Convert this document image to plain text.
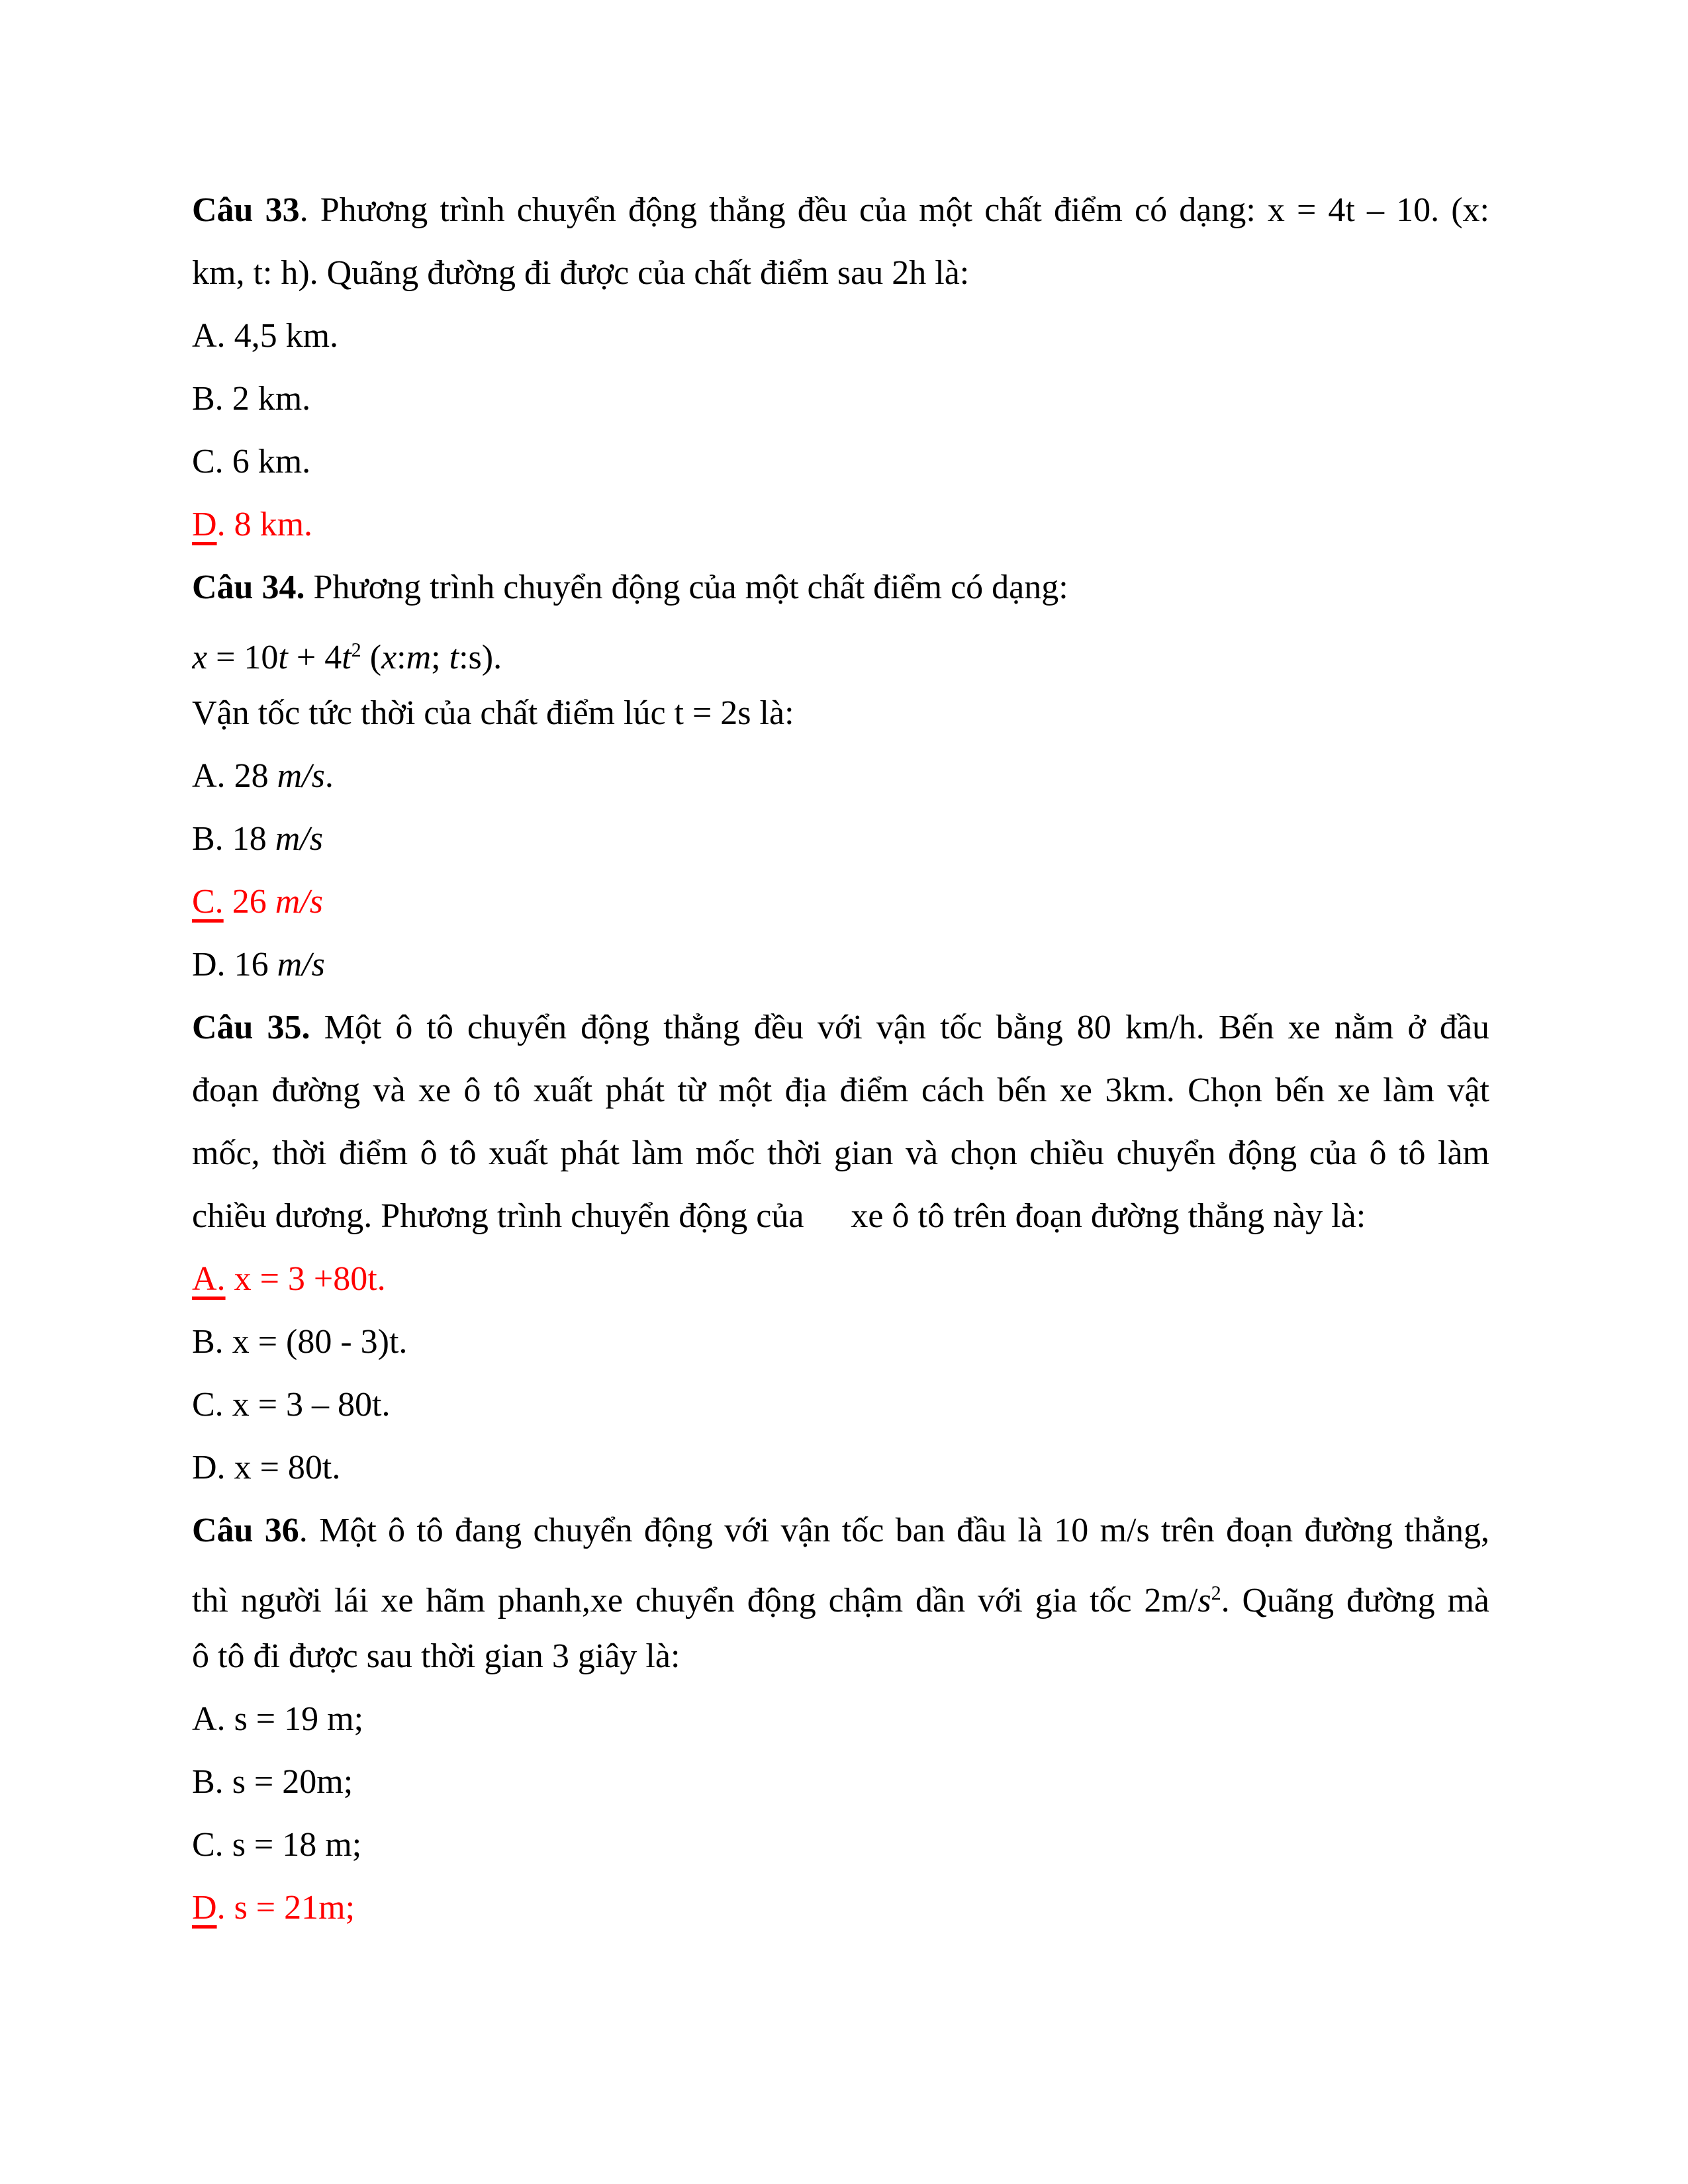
Câu 33. Phương trình chuyển động thẳng đều của một chất điểm có dạng: x = 4t – 10. (x:
km, t: h). Quãng đường đi được của chất điểm sau 2h là:
A. 4,5 km.
B. 2 km.
C. 6 km.
D. 8 km.
Câu 34. Phương trình chuyển động của một chất điểm có dạng:
$x = 10t + 4t^2$ (x:m; t:s).
Vận tốc tức thời của chất điểm lúc t = 2s là:
A. 28 m/s.
B. 18 m/s
C. 26 m/s
D. 16 m/s
Câu 35. Một ô tô chuyển động thẳng đều với vận tốc bằng 80 km/h. Bến xe nằm ở đầu
đoạn đường và xe ô tô xuất phát từ một địa điểm cách bến xe 3km. Chọn bến xe làm vật
mốc, thời điểm ô tô xuất phát làm mốc thời gian và chọn chiều chuyển động của ô tô làm
chiều dương. Phương trình chuyển động của  xe ô tô trên đoạn đường thẳng này là:
A. x = 3 +80t.
B. x = (80 - 3)t.
C. x = 3 – 80t.
D. x = 80t.
Câu 36. Một ô tô đang chuyển động với vận tốc ban đầu là 10 m/s trên đoạn đường thẳng,
thì người lái xe hãm phanh,xe chuyển động chậm dần với gia tốc $2m/s^2$. Quãng đường mà
ô tô đi được sau thời gian 3 giây là:
A. s = 19 m;
B. s = 20m;
C. s = 18 m;
D. s = 21m;
